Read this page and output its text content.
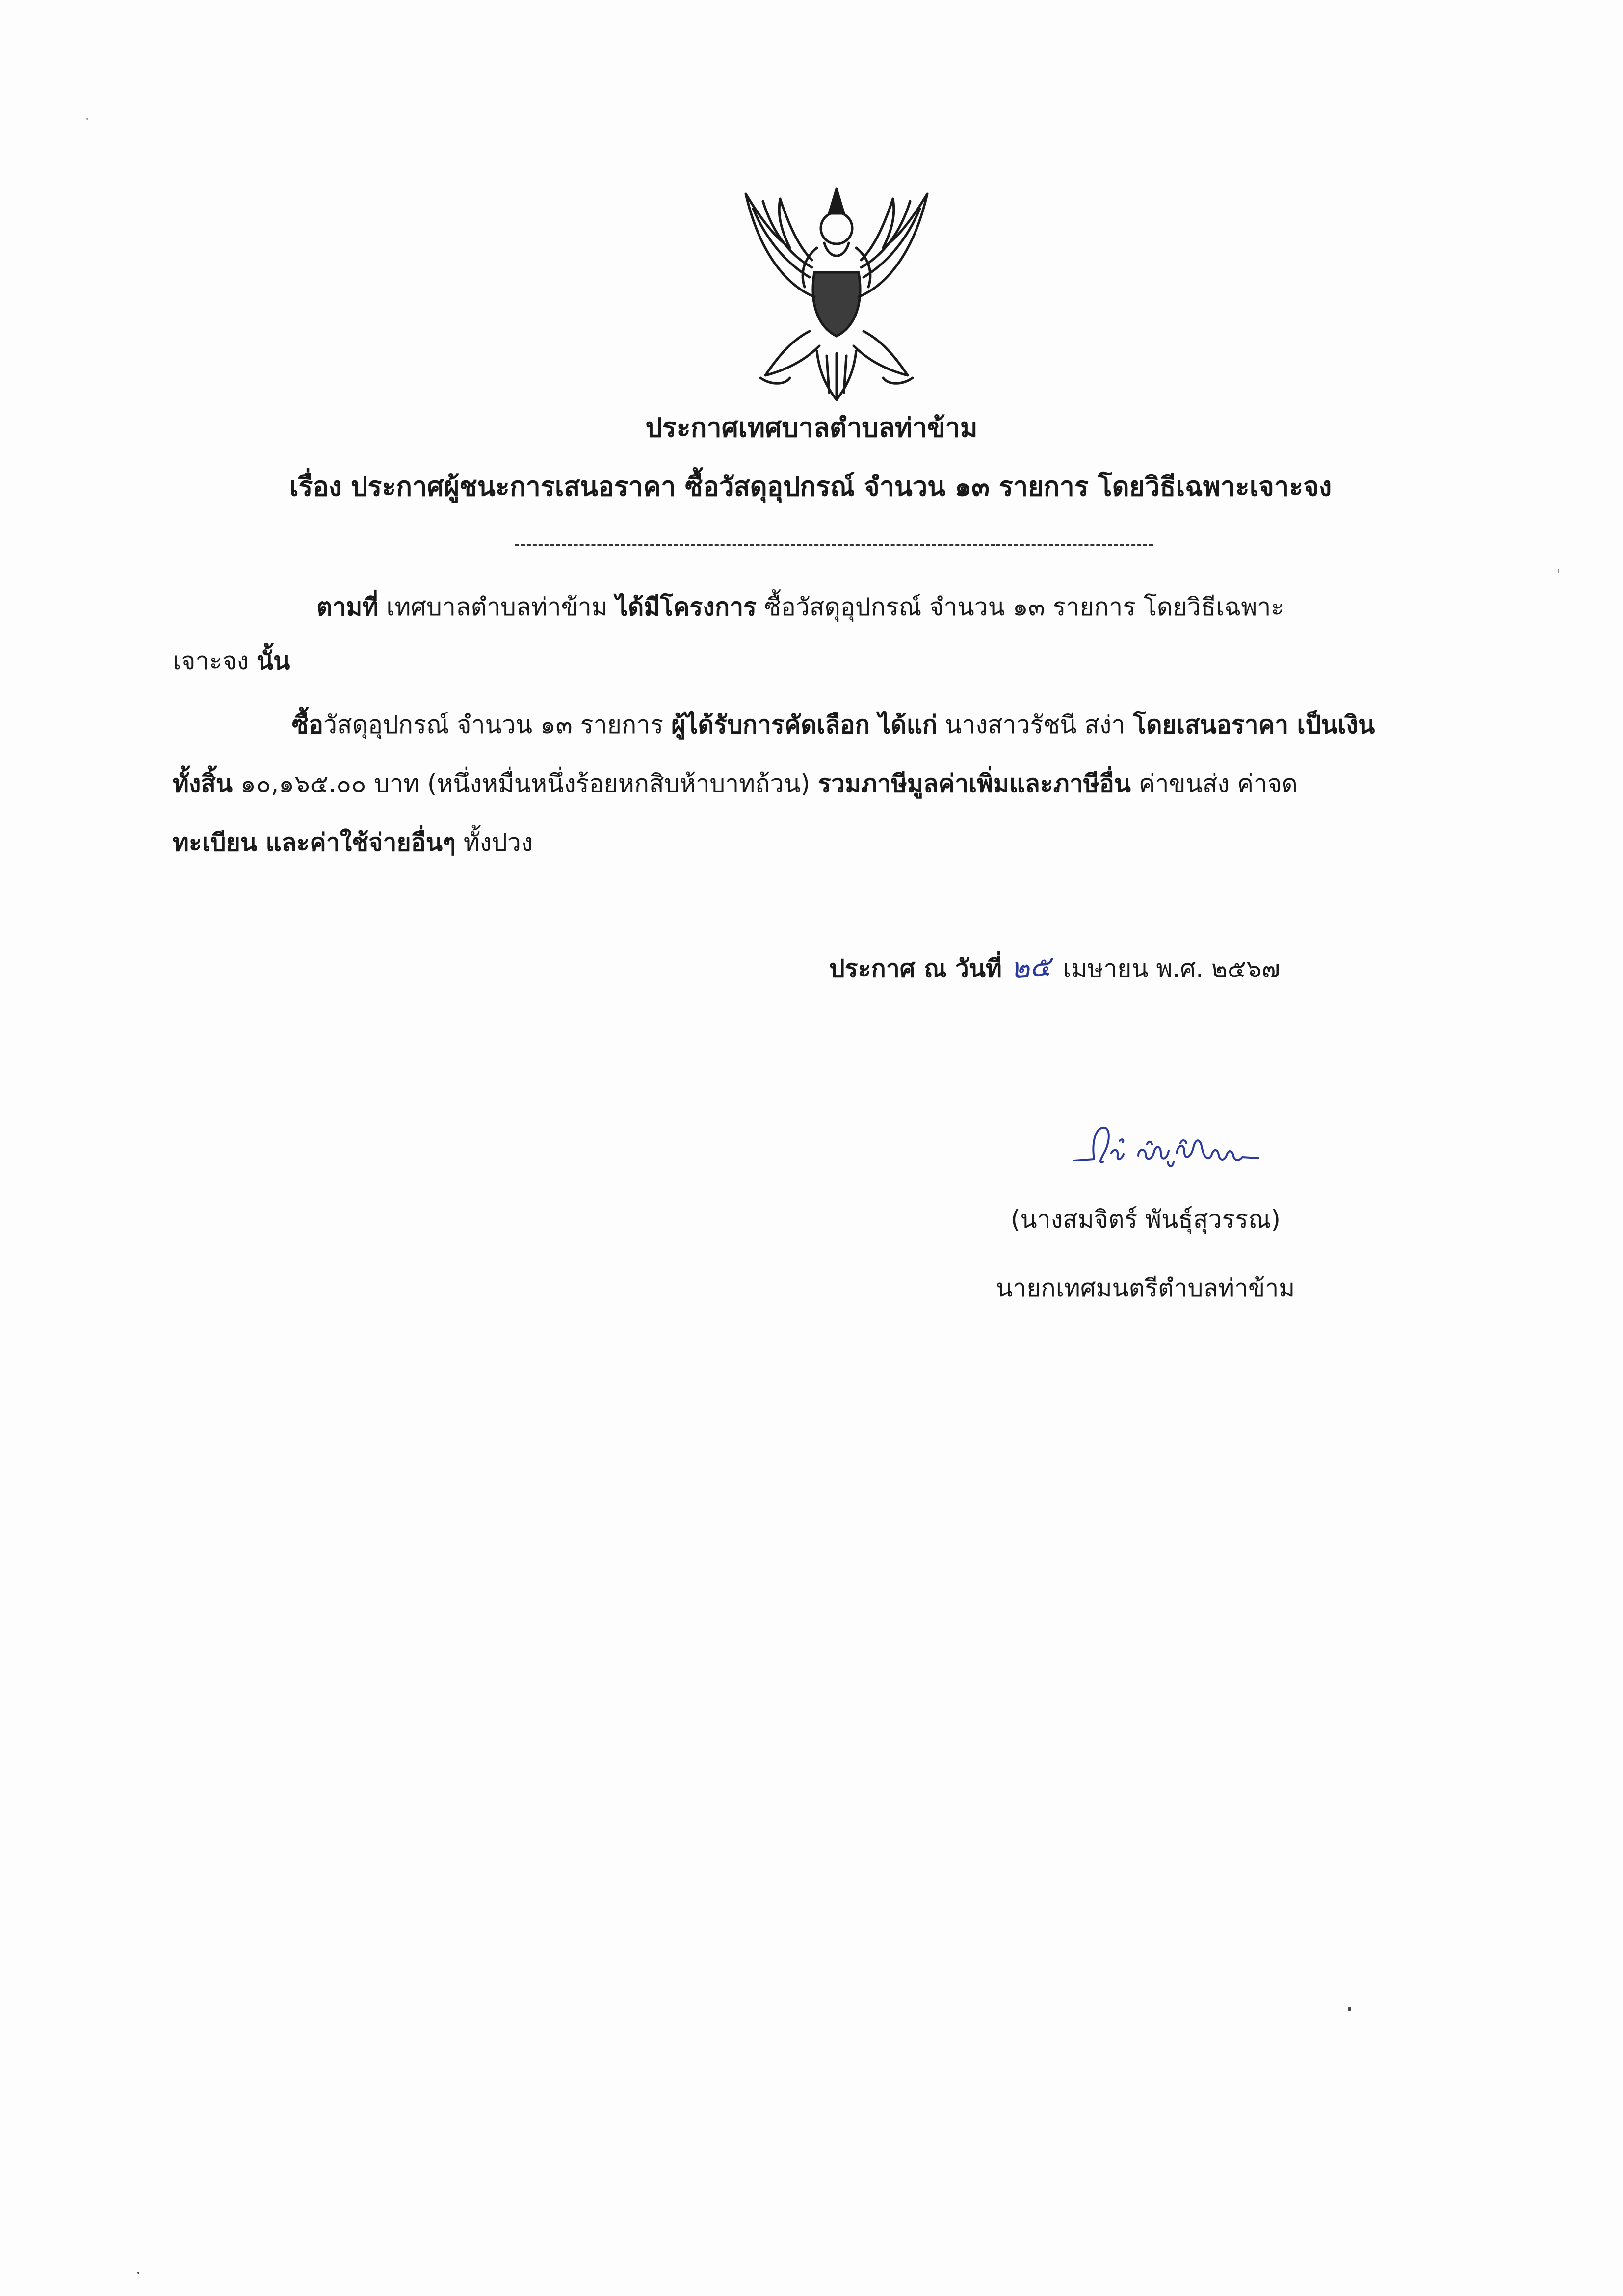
ประกาศเทศบาลตำบลท่าข้าม
เรื่อง ประกาศผู้ชนะการเสนอราคา ซื้อวัสดุอุปกรณ์ จำนวน ๑๓ รายการ โดยวิธีเฉพาะเจาะจง
ตามที่ เทศบาลตำบลท่าข้าม ได้มีโครงการ ซื้อวัสดุอุปกรณ์ จำนวน ๑๓ รายการ โดยวิธีเฉพาะ
เจาะจง นั้น
ซื้อวัสดุอุปกรณ์ จำนวน ๑๓ รายการ ผู้ได้รับการคัดเลือก ได้แก่ นางสาวรัชนี สง่า โดยเสนอราคา เป็นเงิน
ทั้งสิ้น ๑๐,๑๖๕.๐๐ บาท (หนึ่งหมื่นหนึ่งร้อยหกสิบห้าบาทถ้วน) รวมภาษีมูลค่าเพิ่มและภาษีอื่น ค่าขนส่ง ค่าจด
ทะเบียน และค่าใช้จ่ายอื่นๆ ทั้งปวง
ประกาศ ณ วันที่ ๒๕ เมษายน พ.ศ. ๒๕๖๗
(นางสมจิตร์ พันธุ์สุวรรณ)
นายกเทศมนตรีตำบลท่าข้าม
